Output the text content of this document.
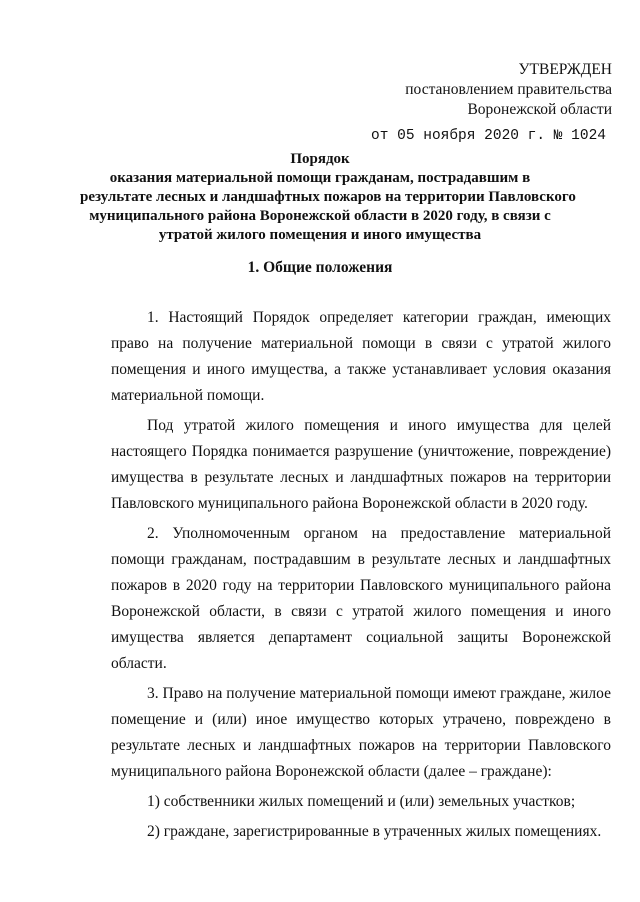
УТВЕРЖДЕН
постановлением правительства
Воронежской области
от 05 ноября 2020 г. № 1024
Порядок
оказания материальной помощи гражданам, пострадавшим в
результате лесных и ландшафтных пожаров на территории Павловского
муниципального района Воронежской области в 2020 году, в связи с
утратой жилого помещения и иного имущества
1. Общие положения

1. Настоящий Порядок определяет категории граждан, имеющих право на получение материальной помощи в связи с утратой жилого помещения и иного имущества, а также устанавливает условия оказания материальной помощи.

Под утратой жилого помещения и иного имущества для целей настоящего Порядка понимается разрушение (уничтожение, повреждение) имущества в результате лесных и ландшафтных пожаров на территории Павловского муниципального района Воронежской области в 2020 году.

2. Уполномоченным органом на предоставление материальной помощи гражданам, пострадавшим в результате лесных и ландшафтных пожаров в 2020 году на территории Павловского муниципального района Воронежской области, в связи с утратой жилого помещения и иного имущества является департамент социальной защиты Воронежской области.

3. Право на получение материальной помощи имеют граждане, жилое помещение и (или) иное имущество которых утрачено, повреждено в результате лесных и ландшафтных пожаров на территории Павловского муниципального района Воронежской области (далее – граждане):

1) собственники жилых помещений и (или) земельных участков;

2) граждане, зарегистрированные в утраченных жилых помещениях.
